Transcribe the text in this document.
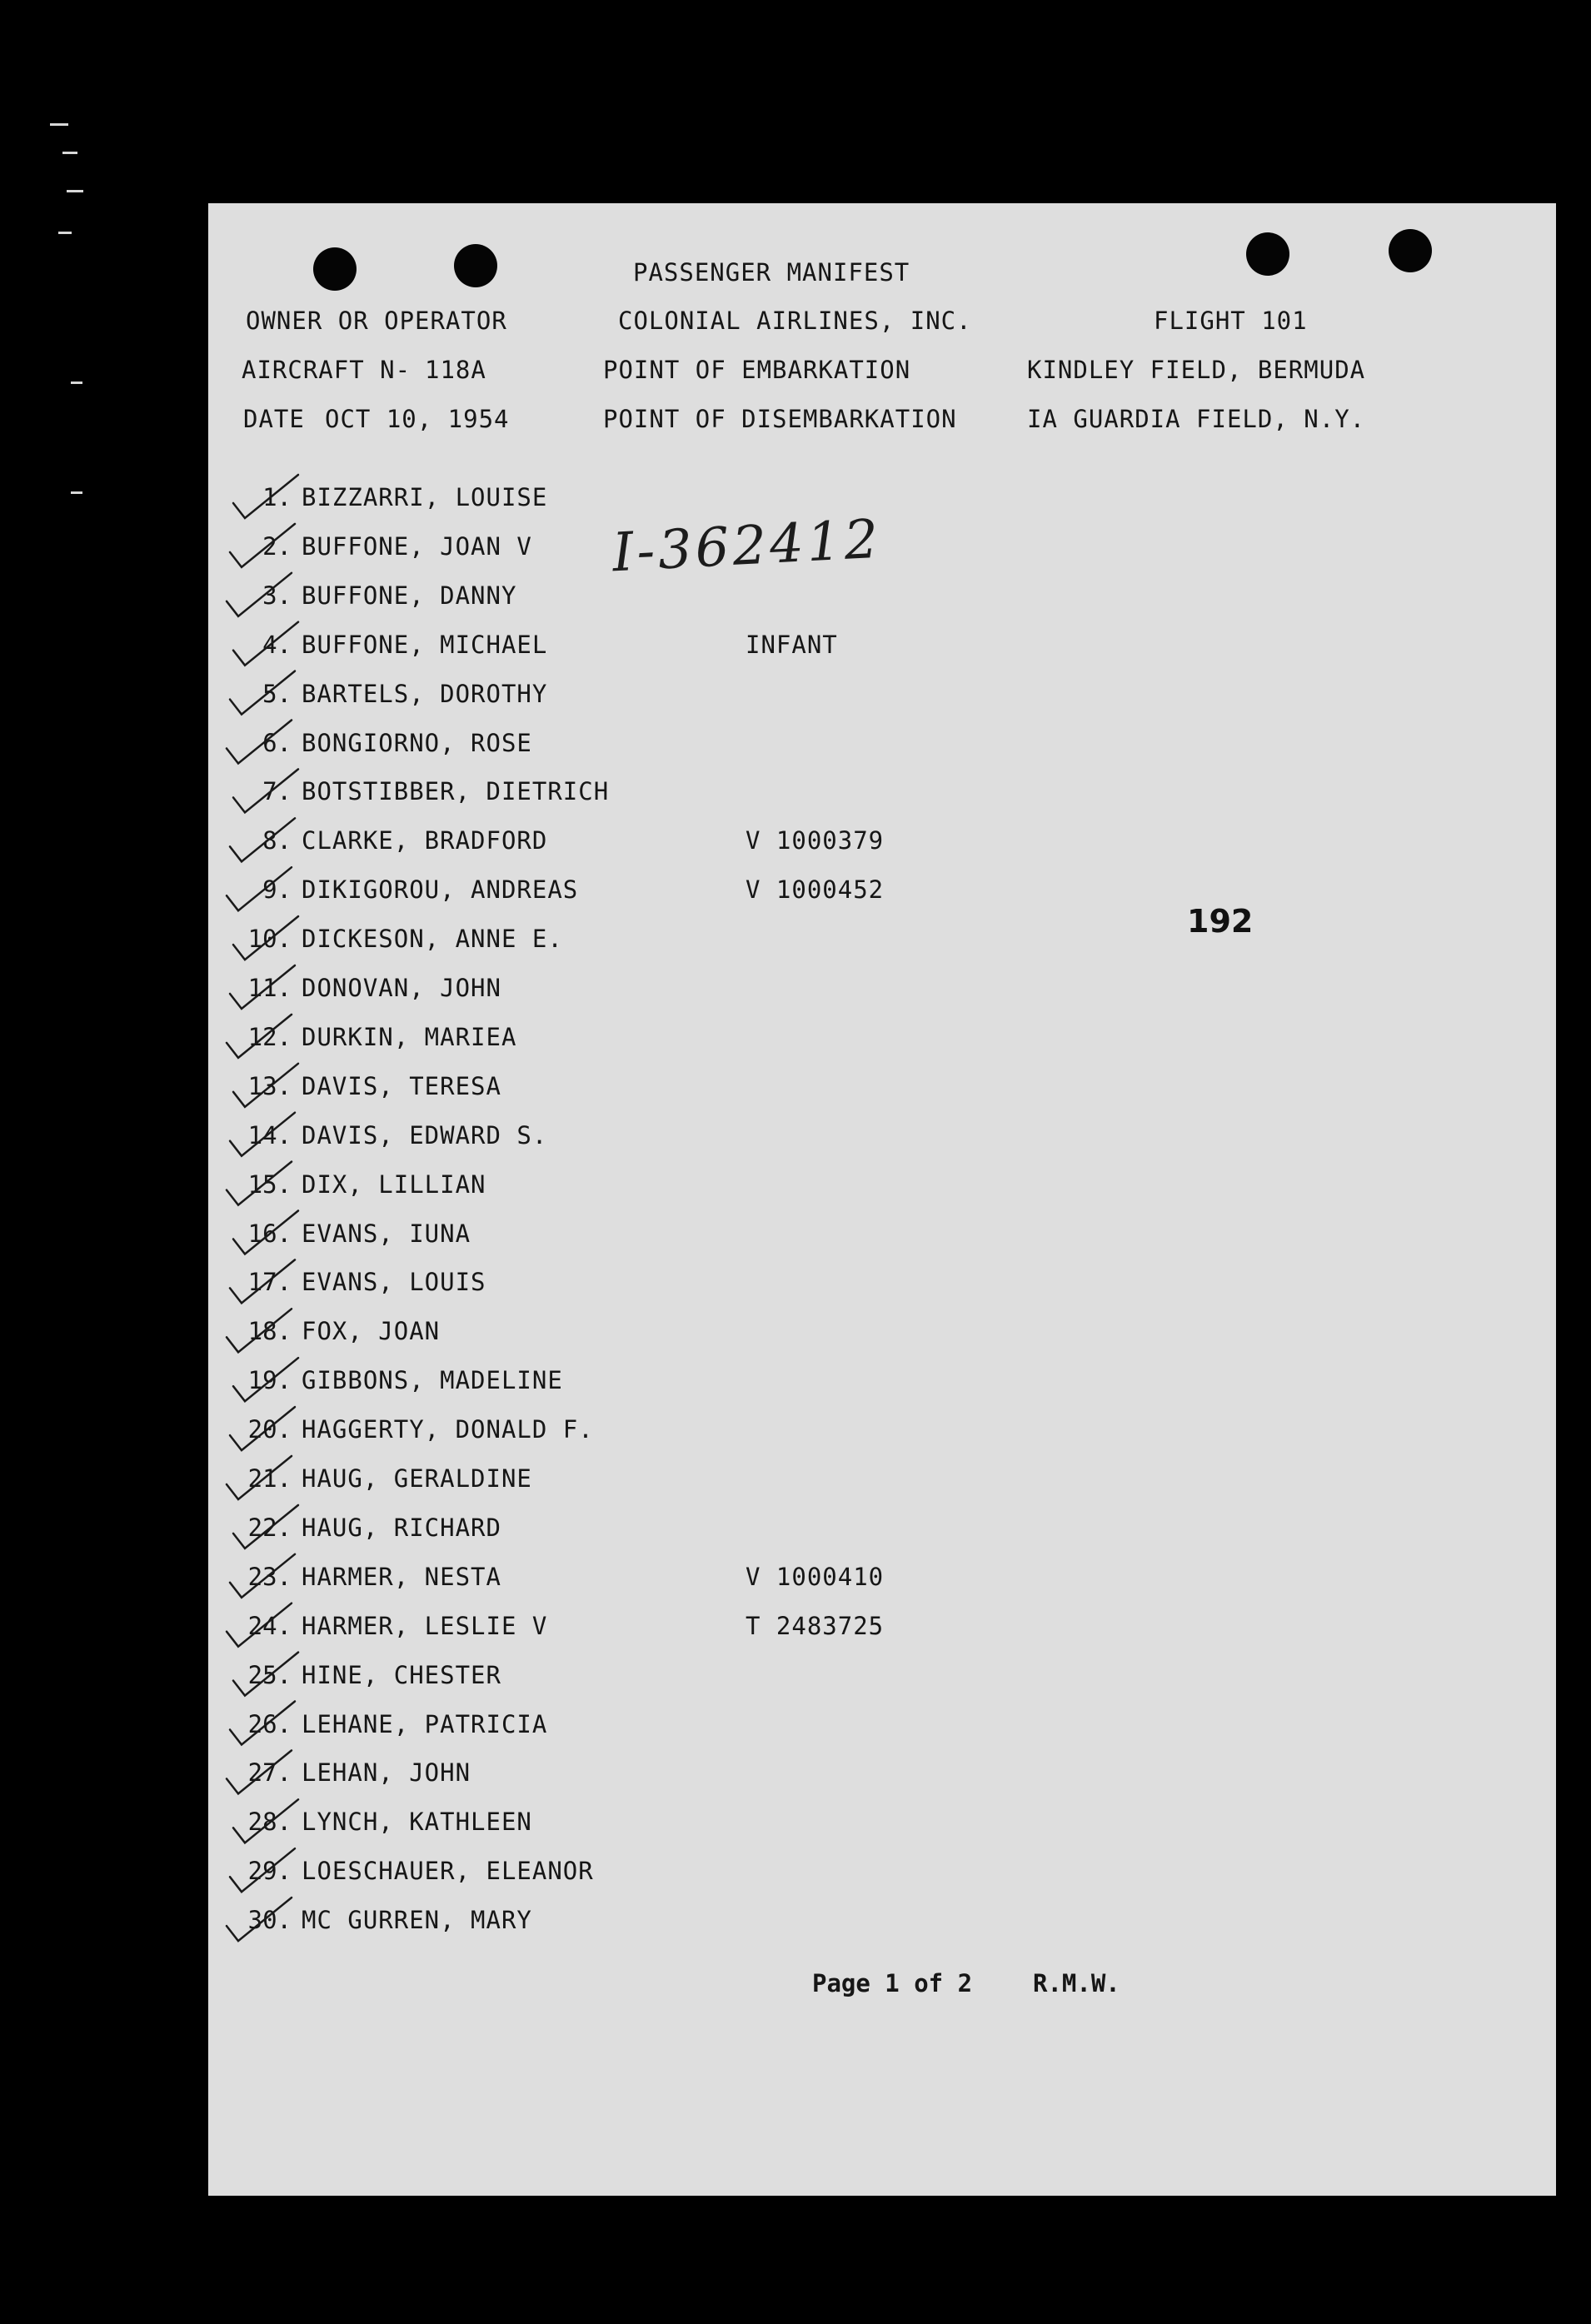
PASSENGER MANIFEST
OWNER OR OPERATOR	COLONIAL AIRLINES, INC.	FLIGHT 101
AIRCRAFT N- 118A	POINT OF EMBARKATION	KINDLEY FIELD, BERMUDA
DATE OCT 10, 1954	POINT OF DISEMBARKATION	IA GUARDIA FIELD, N.Y.
I-362412
192
1. BIZZARRI, LOUISE
2. BUFFONE, JOAN V
3. BUFFONE, DANNY
4. BUFFONE, MICHAEL	INFANT
5. BARTELS, DOROTHY
6. BONGIORNO, ROSE
7. BOTSTIBBER, DIETRICH
8. CLARKE, BRADFORD	V 1000379
9. DIKIGOROU, ANDREAS	V 1000452
10. DICKESON, ANNE E.
11. DONOVAN, JOHN
12. DURKIN, MARIEA
13. DAVIS, TERESA
14. DAVIS, EDWARD S.
15. DIX, LILLIAN
16. EVANS, IUNA
17. EVANS, LOUIS
18. FOX, JOAN
19. GIBBONS, MADELINE
20. HAGGERTY, DONALD F.
21. HAUG, GERALDINE
22. HAUG, RICHARD
23. HARMER, NESTA	V 1000410
24. HARMER, LESLIE V	T 2483725
25. HINE, CHESTER
26. LEHANE, PATRICIA
27. LEHAN, JOHN
28. LYNCH, KATHLEEN
29. LOESCHAUER, ELEANOR
30. MC GURREN, MARY
Page 1 of 2	R.M.W.
